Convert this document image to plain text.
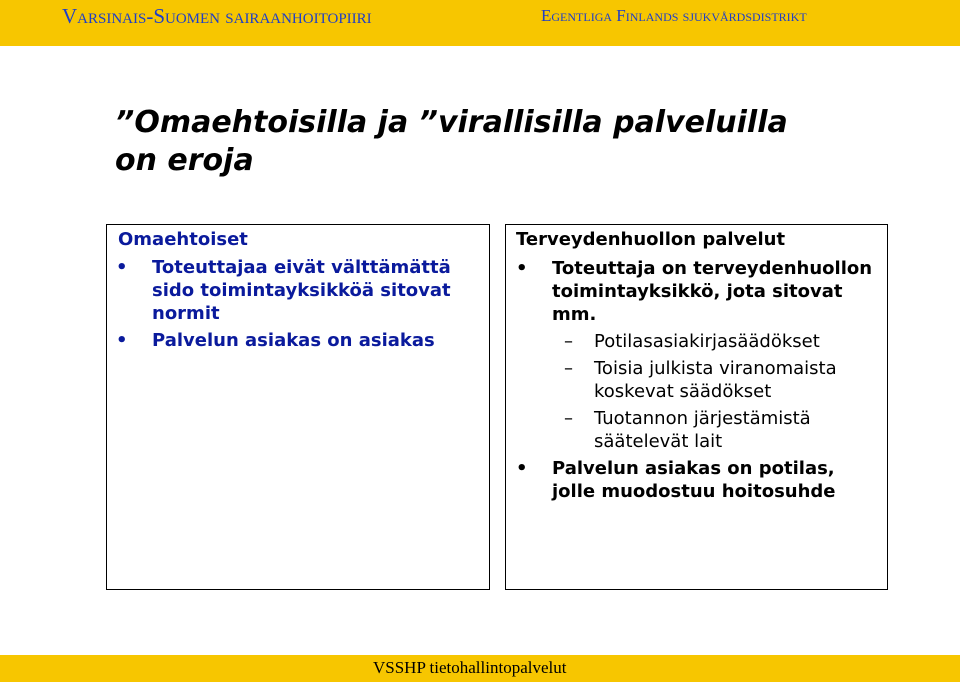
Varsinais-Suomen sairaanhoitopiiri	Egentliga Finlands sjukvårdsdistrikt
”Omaehtoisilla ja ”virallisilla palveluilla
on eroja
Omaehtoiset
• Toteuttajaa eivät välttämättä sido toimintayksikköä sitovat normit
• Palvelun asiakas on asiakas
Terveydenhuollon palvelut
• Toteuttaja on terveydenhuollon toimintayksikkö, jota sitovat mm.
– Potilasasiakirjasäädökset
– Toisia julkista viranomaista koskevat säädökset
– Tuotannon järjestämistä säätelevät lait
• Palvelun asiakas on potilas, jolle muodostuu hoitosuhde
VSSHP tietohallintopalvelut
